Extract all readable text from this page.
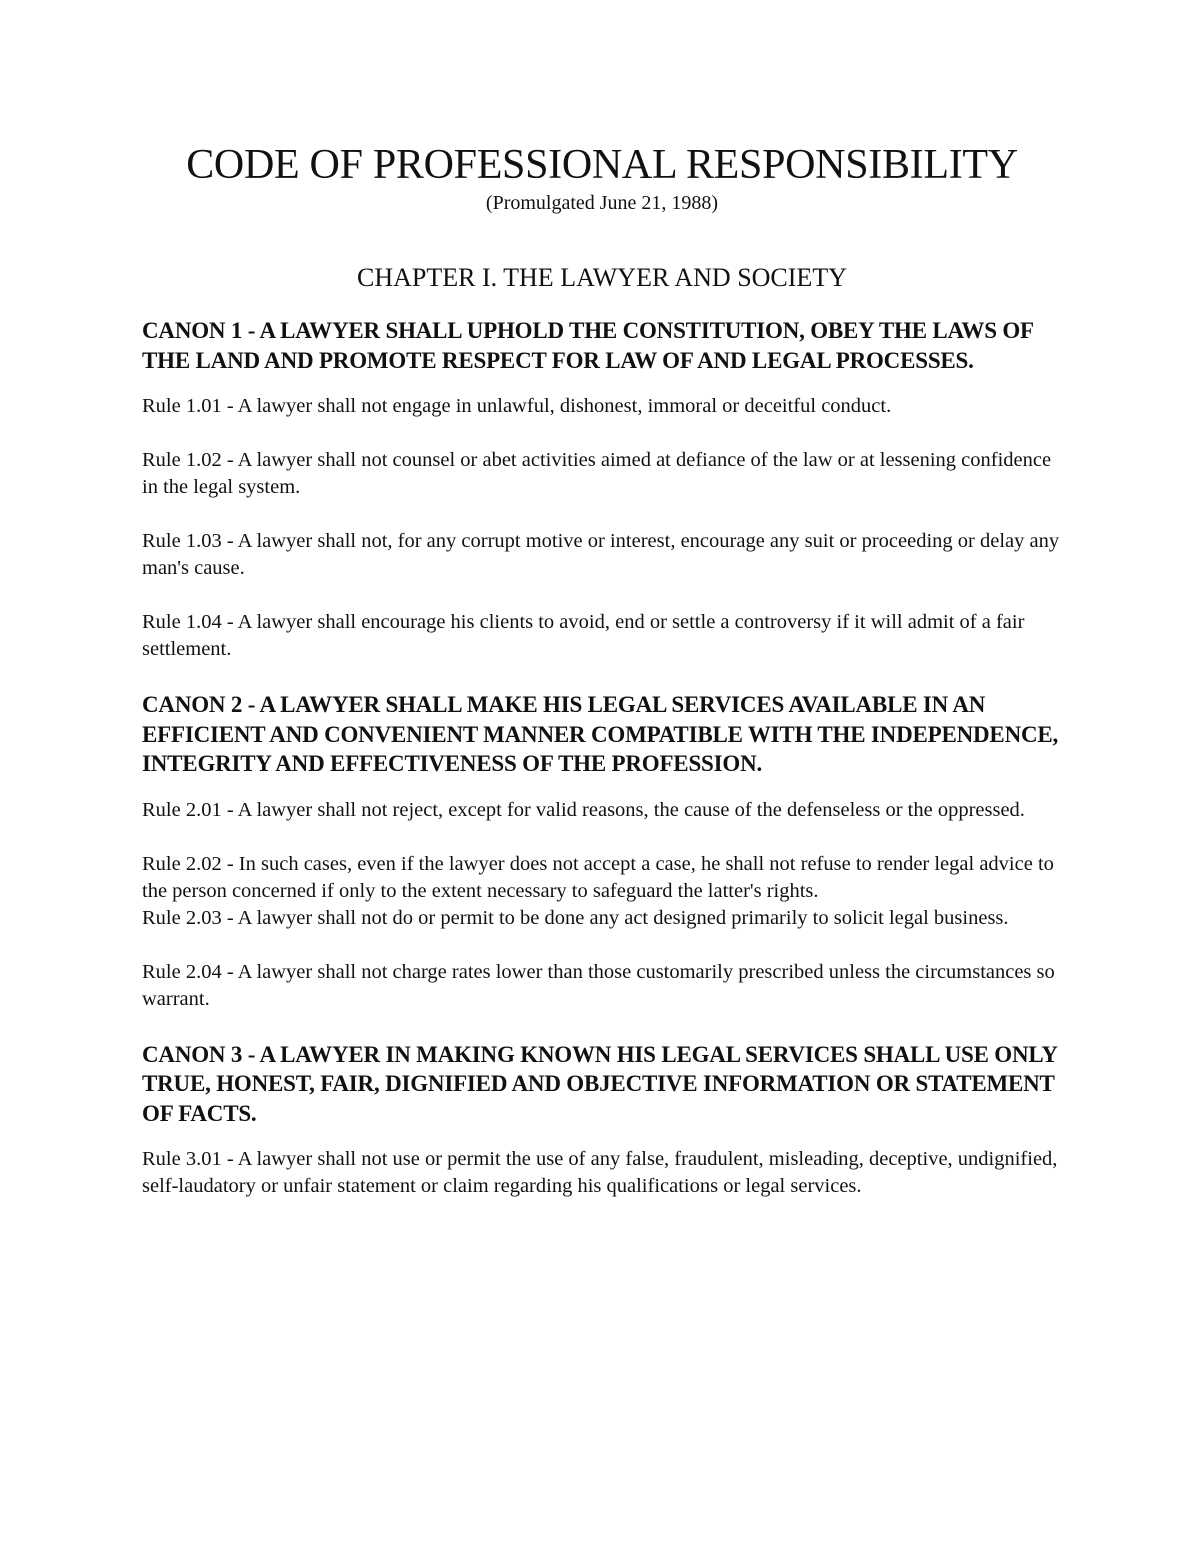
CODE OF PROFESSIONAL RESPONSIBILITY

(Promulgated June 21, 1988)

CHAPTER I. THE LAWYER AND SOCIETY

CANON 1 - A LAWYER SHALL UPHOLD THE CONSTITUTION, OBEY THE LAWS OF THE LAND AND PROMOTE RESPECT FOR LAW OF AND LEGAL PROCESSES.

Rule 1.01 - A lawyer shall not engage in unlawful, dishonest, immoral or deceitful conduct.

Rule 1.02 - A lawyer shall not counsel or abet activities aimed at defiance of the law or at lessening confidence in the legal system.

Rule 1.03 - A lawyer shall not, for any corrupt motive or interest, encourage any suit or proceeding or delay any man's cause.

Rule 1.04 - A lawyer shall encourage his clients to avoid, end or settle a controversy if it will admit of a fair settlement.

CANON 2 - A LAWYER SHALL MAKE HIS LEGAL SERVICES AVAILABLE IN AN EFFICIENT AND CONVENIENT MANNER COMPATIBLE WITH THE INDEPENDENCE, INTEGRITY AND EFFECTIVENESS OF THE PROFESSION.

Rule 2.01 - A lawyer shall not reject, except for valid reasons, the cause of the defenseless or the oppressed.

Rule 2.02 - In such cases, even if the lawyer does not accept a case, he shall not refuse to render legal advice to the person concerned if only to the extent necessary to safeguard the latter's rights.

Rule 2.03 - A lawyer shall not do or permit to be done any act designed primarily to solicit legal business.

Rule 2.04 - A lawyer shall not charge rates lower than those customarily prescribed unless the circumstances so warrant.

CANON 3 - A LAWYER IN MAKING KNOWN HIS LEGAL SERVICES SHALL USE ONLY TRUE, HONEST, FAIR, DIGNIFIED AND OBJECTIVE INFORMATION OR STATEMENT OF FACTS.

Rule 3.01 - A lawyer shall not use or permit the use of any false, fraudulent, misleading, deceptive, undignified, self-laudatory or unfair statement or claim regarding his qualifications or legal services.
